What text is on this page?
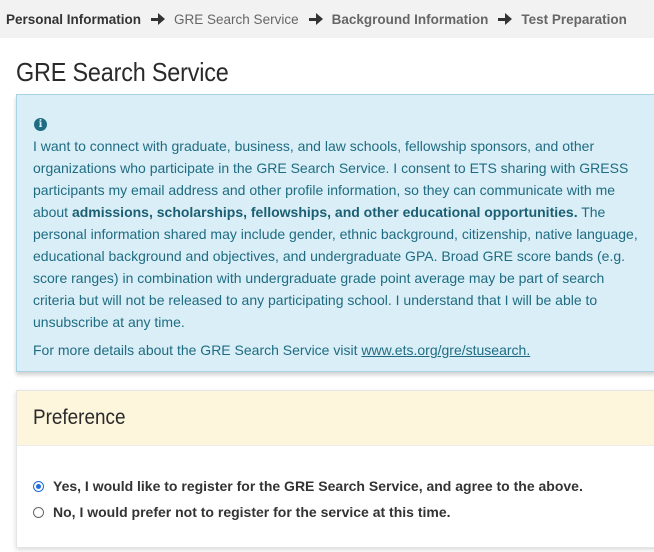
Personal Information GRE Search Service Background Information Test Preparation
GRE Search Service
i

I want to connect with graduate, business, and law schools, fellowship sponsors, and other organizations who participate in the GRE Search Service. I consent to ETS sharing with GRESS participants my email address and other profile information, so they can communicate with me about admissions, scholarships, fellowships, and other educational opportunities. The personal information shared may include gender, ethnic background, citizenship, native language, educational background and objectives, and undergraduate GPA. Broad GRE score bands (e.g. score ranges) in combination with undergraduate grade point average may be part of search criteria but will not be released to any participating school. I understand that I will be able to unsubscribe at any time.

For more details about the GRE Search Service visit www.ets.org/gre/stusearch.

Preference
Yes, I would like to register for the GRE Search Service, and agree to the above.
No, I would prefer not to register for the service at this time.
